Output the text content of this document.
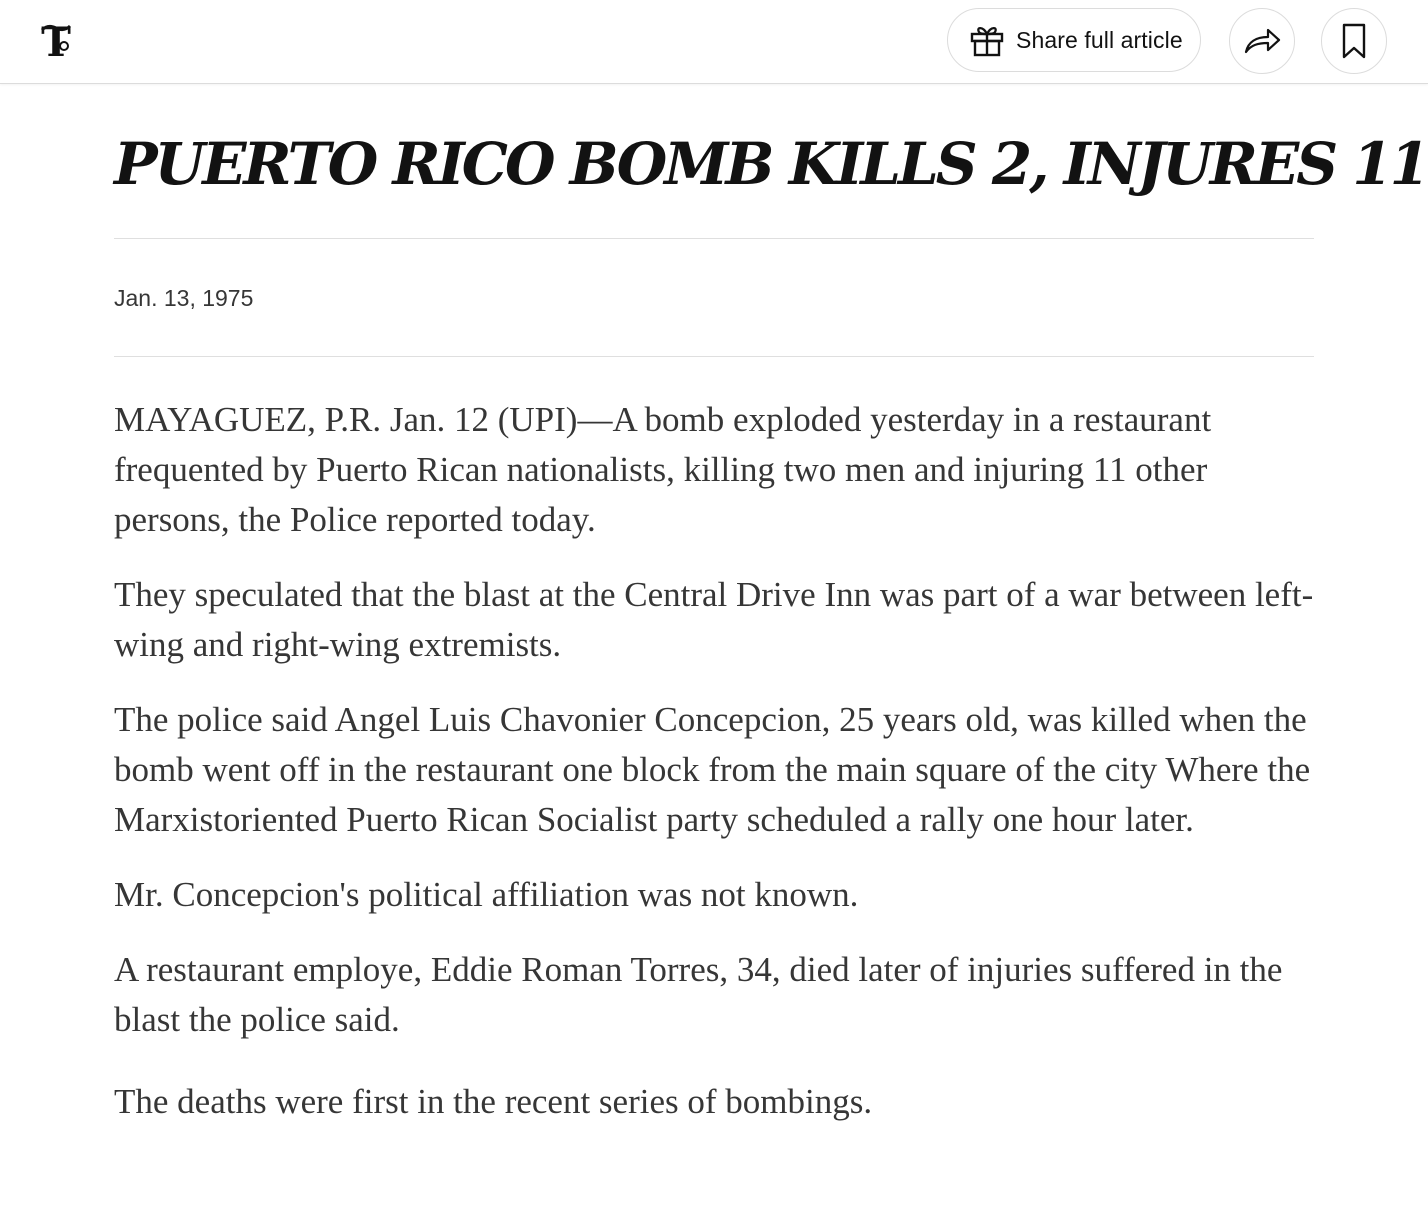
T	Share full article
PUERTO RICO BOMB KILLS 2, INJURES 11
Jan. 13, 1975

MAYAGUEZ, P.R. Jan. 12 (UPI)—A bomb exploded yesterday in a restaurant frequented by Puerto Rican nationalists, killing two men and injuring 11 other persons, the Police reported today.

They speculated that the blast at the Central Drive Inn was part of a war between left-wing and right-wing extremists.

The police said Angel Luis Chavonier Concepcion, 25 years old, was killed when the bomb went off in the restaurant one block from the main square of the city Where the Marxistoriented Puerto Rican Socialist party scheduled a rally one hour later.

Mr. Concepcion's political affiliation was not known.

A restaurant employe, Eddie Roman Torres, 34, died later of injuries suffered in the blast the police said.

The deaths were first in the recent series of bombings.
